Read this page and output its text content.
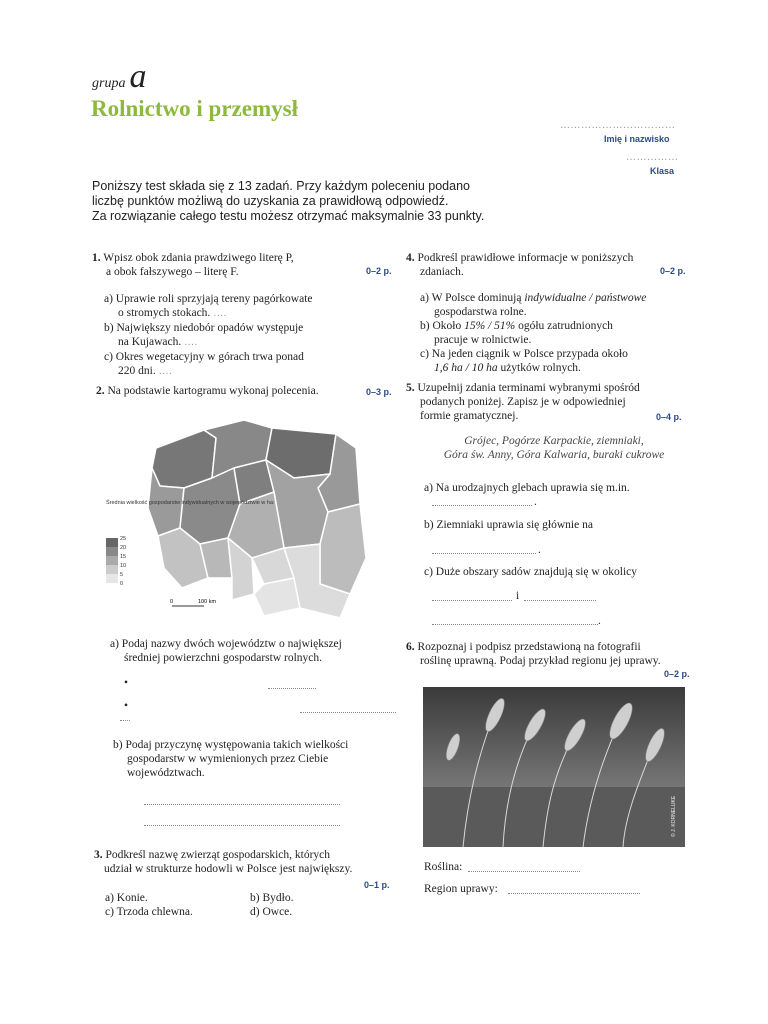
grupa a
Rolnictwo i przemysł
……………………………
Imię i nazwisko
……………
Klasa
Poniższy test składa się z 13 zadań. Przy każdym poleceniu podano
liczbę punktów możliwą do uzyskania za prawidłową odpowiedź.
Za rozwiązanie całego testu możesz otrzymać maksymalnie 33 punkty.
1. Wpisz obok zdania prawdziwego literę P,
a obok fałszywego – literę F.	0–2 p.
a) Uprawie roli sprzyjają tereny pagórkowate
o stromych stokach. ….
b) Największy niedobór opadów występuje
na Kujawach. ….
c) Okres wegetacyjny w górach trwa ponad
220 dni. ….
2. Na podstawie kartogramu wykonaj polecenia.	0–3 p.
Średnia wielkość gospodarstw indywidualnych w województwie w ha:
25
20
15
10
5
0
0	100 km
a) Podaj nazwy dwóch województw o największej
średniej powierzchni gospodarstw rolnych.
•
•
b) Podaj przyczynę występowania takich wielkości
gospodarstw w wymienionych przez Ciebie
województwach.
3. Podkreśl nazwę zwierząt gospodarskich, których
udział w strukturze hodowli w Polsce jest największy.
0–1 p.
a) Konie.	b) Bydło.
c) Trzoda chlewna.	d) Owce.
4. Podkreśl prawidłowe informacje w poniższych
zdaniach.	0–2 p.
a) W Polsce dominują indywidualne / państwowe
gospodarstwa rolne.
b) Około 15% / 51% ogółu zatrudnionych
pracuje w rolnictwie.
c) Na jeden ciągnik w Polsce przypada około
1,6 ha / 10 ha użytków rolnych.
5. Uzupełnij zdania terminami wybranymi spośród
podanych poniżej. Zapisz je w odpowiedniej
formie gramatycznej.	0–4 p.
Grójec, Pogórze Karpackie, ziemniaki,
Góra św. Anny, Góra Kalwaria, buraki cukrowe
a) Na urodzajnych glebach uprawia się m.in.
.
b) Ziemniaki uprawia się głównie na
.
c) Duże obszary sadów znajdują się w okolicy
i
.
6. Rozpoznaj i podpisz przedstawioną na fotografii
roślinę uprawną. Podaj przykład regionu jej uprawy.
0–2 p.
© J. KORNELUKE
Roślina:
Region uprawy:
